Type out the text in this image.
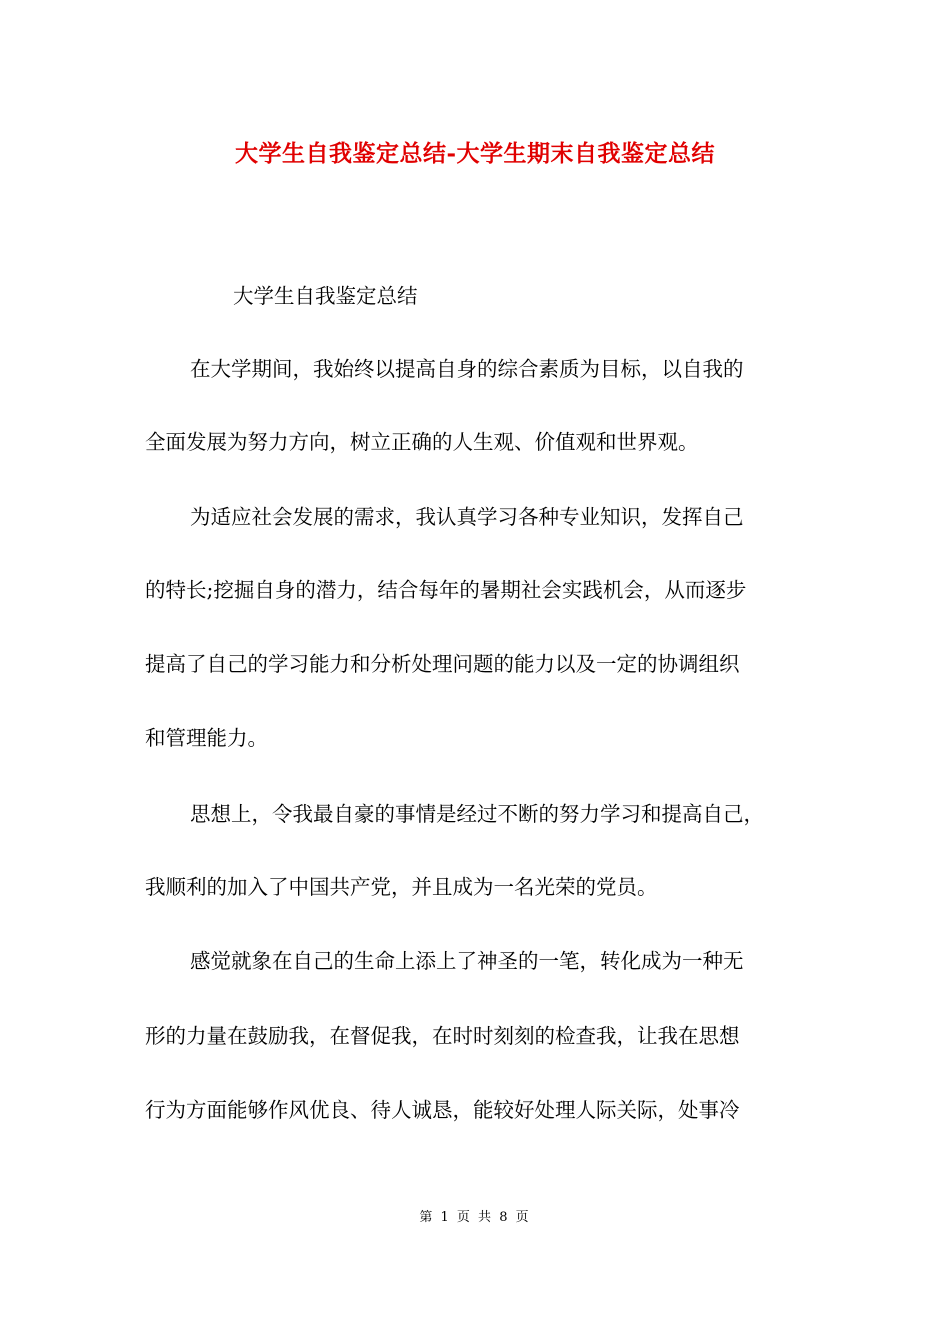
大学生自我鉴定总结-大学生期末自我鉴定总结
大学生自我鉴定总结
在大学期间，我始终以提高自身的综合素质为目标，以自我的
全面发展为努力方向，树立正确的人生观、价值观和世界观。
为适应社会发展的需求，我认真学习各种专业知识，发挥自己
的特长;挖掘自身的潜力，结合每年的暑期社会实践机会，从而逐步
提高了自己的学习能力和分析处理问题的能力以及一定的协调组织
和管理能力。
思想上，令我最自豪的事情是经过不断的努力学习和提高自己，
我顺利的加入了中国共产党，并且成为一名光荣的党员。
感觉就象在自己的生命上添上了神圣的一笔，转化成为一种无
形的力量在鼓励我，在督促我，在时时刻刻的检查我，让我在思想
行为方面能够作风优良、待人诚恳，能较好处理人际关际，处事冷
第 1 页 共 8 页
